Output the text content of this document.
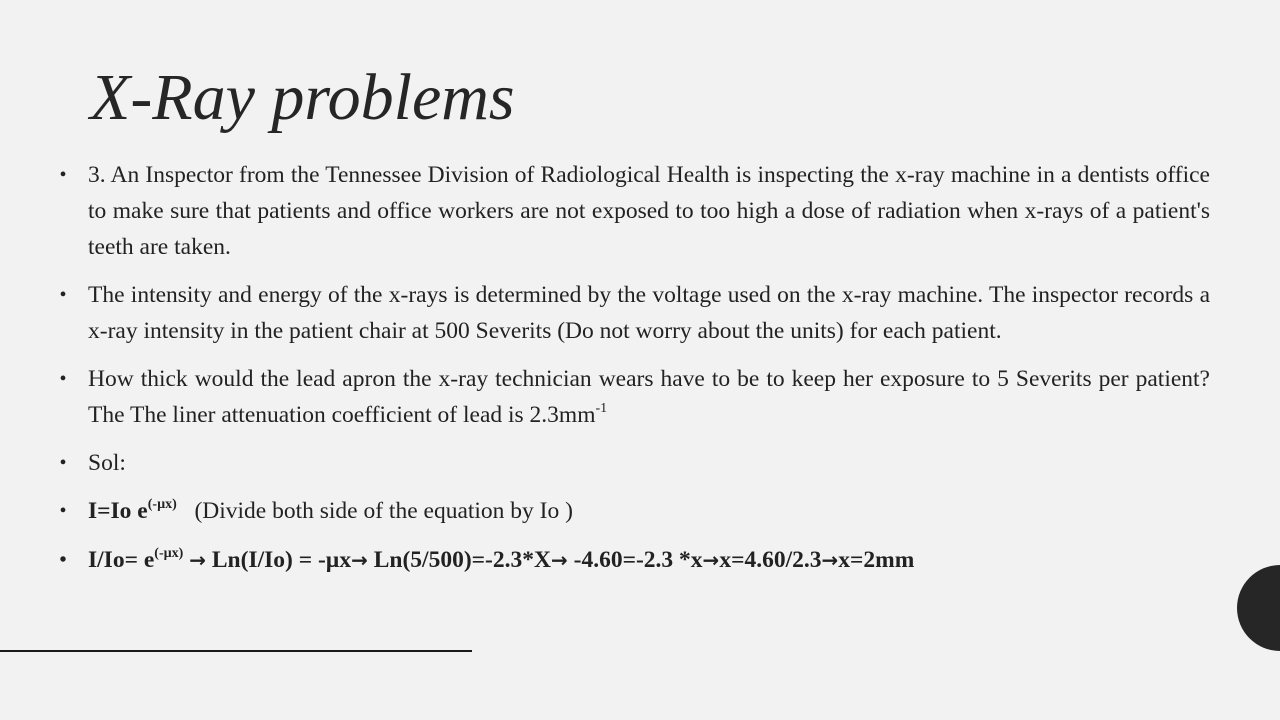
X-Ray problems
• 3. An Inspector from the Tennessee Division of Radiological Health is inspecting the x-ray machine in a dentists office to make sure that patients and office workers are not exposed to too high a dose of radiation when x-rays of a patient's teeth are taken.
• The intensity and energy of the x-rays is determined by the voltage used on the x-ray machine. The inspector records a x-ray intensity in the patient chair at 500 Severits (Do not worry about the units) for each patient.
• How thick would the lead apron the x-ray technician wears have to be to keep her exposure to 5 Severits per patient? The The liner attenuation coefficient of lead is $2.3mm^{-1}$
• Sol:
• I=Io $e^{(-\mu x)}$ (Divide both side of the equation by Io )
• $I/Io= e^{(-\mu x)} \to Ln(I/Io) = -\mu x\to Ln(5/500)=-2.3*X\to -4.60=-2.3$ *x→x=4.60/2.3→x=2mm
